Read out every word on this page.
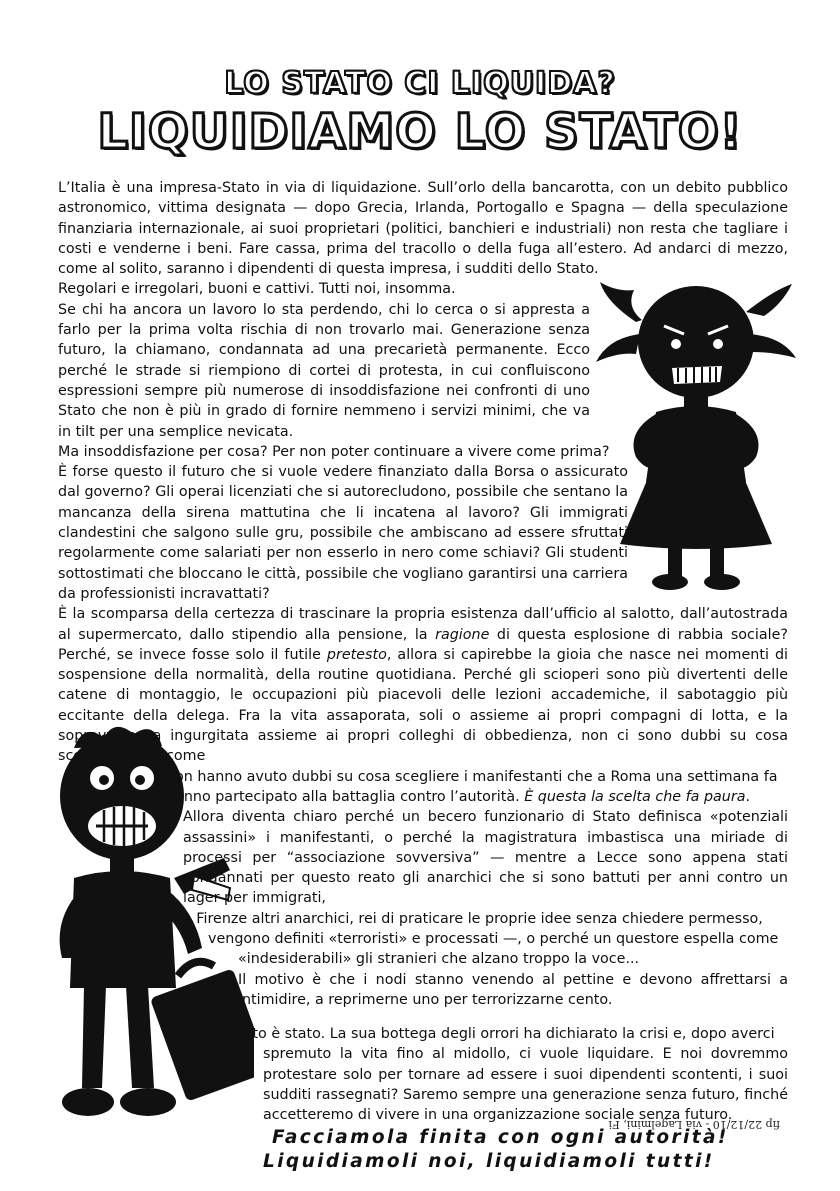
LO STATO CI LIQUIDA?
LIQUIDIAMO LO STATO!

L’Italia è una impresa-Stato in via di liquidazione. Sull’orlo della bancarotta, con un debito pubblico astronomico, vittima designata — dopo Grecia, Irlanda, Portogallo e Spagna — della speculazione finanziaria internazionale, ai suoi proprietari (politici, banchieri e industriali) non resta che tagliare i costi e venderne i beni. Fare cassa, prima del tracollo o della fuga all’estero. Ad andarci di mezzo, come al solito, saranno i dipendenti di questa impresa, i sudditi dello Stato.

Regolari e irregolari, buoni e cattivi. Tutti noi, insomma.

Se chi ha ancora un lavoro lo sta perdendo, chi lo cerca o si appresta a farlo per la prima volta rischia di non trovarlo mai. Generazione senza futuro, la chiamano, condannata ad una precarietà permanente. Ecco perché le strade si riempiono di cortei di protesta, in cui confluiscono espressioni sempre più numerose di insoddisfazione nei confronti di uno Stato che non è più in grado di fornire nemmeno i servizi minimi, che va in tilt per una semplice nevicata.

Ma insoddisfazione per cosa? Per non poter continuare a vivere come prima?

È forse questo il futuro che si vuole vedere finanziato dalla Borsa o assicurato dal governo? Gli operai licenziati che si autorecludono, possibile che sentano la mancanza della sirena mattutina che li incatena al lavoro? Gli immigrati clandestini che salgono sulle gru, possibile che ambiscano ad essere sfruttati regolarmente come salariati per non esserlo in nero come schiavi? Gli studenti sottostimati che bloccano le città, possibile che vogliano garantirsi una carriera da professionisti incravattati?

È la scomparsa della certezza di trascinare la propria esistenza dall’ufficio al salotto, dall’autostrada al supermercato, dallo stipendio alla pensione, la ragione di questa esplosione di rabbia sociale? Perché, se invece fosse solo il futile pretesto, allora si capirebbe la gioia che nasce nei momenti di sospensione della normalità, della routine quotidiana. Perché gli scioperi sono più divertenti delle catene di montaggio, le occupazioni più piacevoli delle lezioni accademiche, il sabotaggio più eccitante della delega. Fra la vita assaporata, soli o assieme ai propri compagni di lotta, e la sopravvivenza ingurgitata assieme ai propri colleghi di obbedienza, non ci sono dubbi su cosa scegliere. Così come

non hanno avuto dubbi su cosa scegliere i manifestanti che a Roma una settimana fa

hanno partecipato alla battaglia contro l’autorità. È questa la scelta che fa paura.

Allora diventa chiaro perché un becero funzionario di Stato definisca «potenziali assassini» i manifestanti, o perché la magistratura imbastisca una miriade di processi per “associazione sovversiva” — mentre a Lecce sono appena stati condannati per questo reato gli anarchici che si sono battuti per anni contro un lager per immigrati,

a Firenze altri anarchici, rei di praticare le proprie idee senza chiedere permesso,

vengono definiti «terroristi» e processati —, o perché un questore espella come

«indesiderabili» gli stranieri che alzano troppo la voce...

Il motivo è che i nodi stanno venendo al pettine e devono affrettarsi a intimidire, a reprimerne uno per terrorizzarne cento.

Lo Stato è stato. La sua bottega degli orrori ha dichiarato la crisi e, dopo averci

spremuto la vita fino al midollo, ci vuole liquidare. E noi dovremmo protestare solo per tornare ad essere i suoi dipendenti scontenti, i suoi sudditi rassegnati? Saremo sempre una generazione senza futuro, finché accetteremo di vivere in una organizzazione sociale senza futuro.

Facciamola finita con ogni autorità!

Liquidiamoli noi, liquidiamoli tutti!

fip 22/12/10 - via Lagelmini, Fi
